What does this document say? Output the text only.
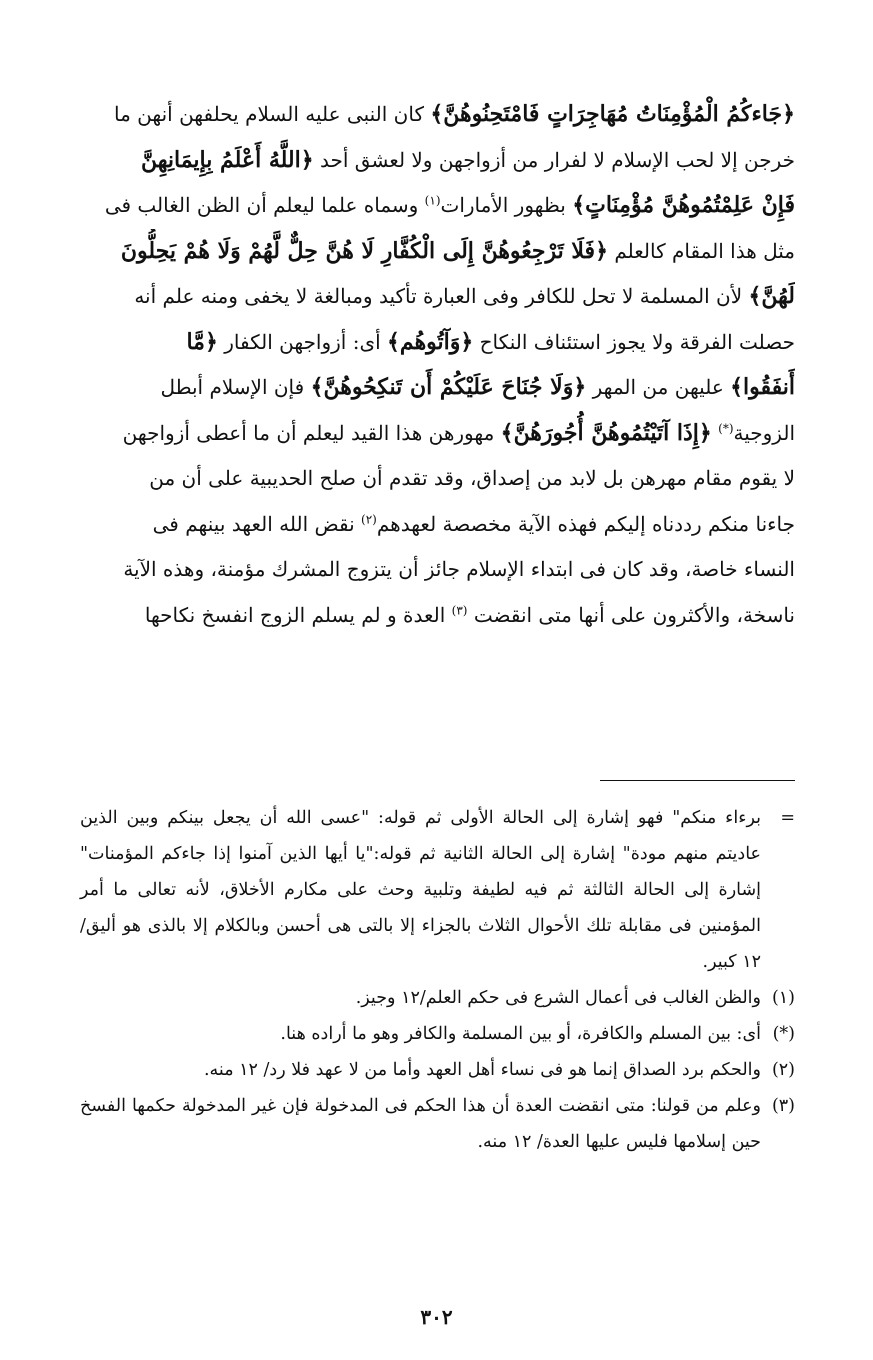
﴿جَاءكُمُ الْمُؤْمِنَاتُ مُهَاجِرَاتٍ فَامْتَحِنُوهُنَّ﴾ كان النبى عليه السلام يحلفهن أنهن ما
خرجن إلا لحب الإسلام لا لفرار من أزواجهن ولا لعشق أحد ﴿اللَّهُ أَعْلَمُ بِإِيمَانِهِنَّ
فَإِنْ عَلِمْتُمُوهُنَّ مُؤْمِنَاتٍ﴾ بظهور الأمارات$^{(١)}$ وسماه علما ليعلم أن الظن الغالب فى
مثل هذا المقام كالعلم ﴿فَلَا تَرْجِعُوهُنَّ إِلَى الْكُفَّارِ لَا هُنَّ حِلٌّ لَّهُمْ وَلَا هُمْ يَحِلُّونَ
لَهُنَّ﴾ لأن المسلمة لا تحل للكافر وفى العبارة تأكيد ومبالغة لا يخفى ومنه علم أنه
حصلت الفرقة ولا يجوز استئناف النكاح ﴿وَآتُوهُم﴾ أى: أزواجهن الكفار ﴿مَّا
أَنفَقُوا﴾ عليهن من المهر ﴿وَلَا جُنَاحَ عَلَيْكُمْ أَن تَنكِحُوهُنَّ﴾ فإن الإسلام أبطل
الزوجية(*) ﴿إِذَا آتَيْتُمُوهُنَّ أُجُورَهُنَّ﴾ مهورهن هذا القيد ليعلم أن ما أعطى أزواجهن
لا يقوم مقام مهرهن بل لابد من إصداق، وقد تقدم أن صلح الحديبية على أن من
جاءنا منكم رددناه إليكم فهذه الآية مخصصة لعهدهم$^{(٢)}$ نقض الله العهد بينهم فى
النساء خاصة، وقد كان فى ابتداء الإسلام جائز أن يتزوج المشرك مؤمنة، وهذه الآية
ناسخة، والأكثرون على أنها متى انقضت $^{(٣)}$ العدة و لم يسلم الزوج انفسخ نكاحها
=
برءاء منكم" فهو إشارة إلى الحالة الأولى ثم قوله: "عسى الله أن يجعل بينكم وبين الذين عاديتم منهم مودة" إشارة إلى الحالة الثانية ثم قوله:"يا أيها الذين آمنوا إذا جاءكم المؤمنات" إشارة إلى الحالة الثالثة ثم فيه لطيفة وتلبية وحث على مكارم الأخلاق، لأنه تعالى ما أمر المؤمنين فى مقابلة تلك الأحوال الثلاث بالجزاء إلا بالتى هى أحسن وبالكلام إلا بالذى هو أليق/ ١٢ كبير.
(١)
والظن الغالب فى أعمال الشرع فى حكم العلم/١٢ وجيز.
(*)
أى: بين المسلم والكافرة، أو بين المسلمة والكافر وهو ما أراده هنا.
(٢)
والحكم برد الصداق إنما هو فى نساء أهل العهد وأما من لا عهد فلا رد/ ١٢ منه.
(٣)
وعلم من قولنا: متى انقضت العدة أن هذا الحكم فى المدخولة فإن غير المدخولة حكمها الفسخ حين إسلامها فليس عليها العدة/ ١٢ منه.
٣٠٢
